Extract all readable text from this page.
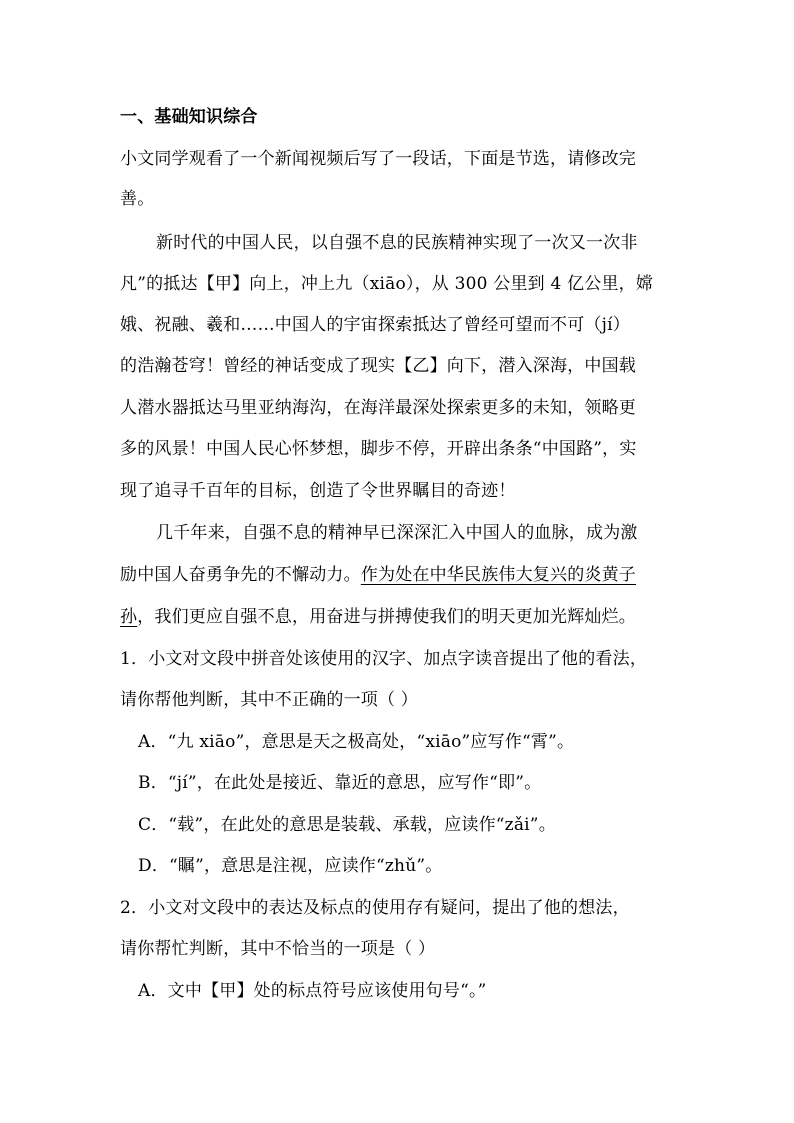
一、基础知识综合
小文同学观看了一个新闻视频后写了一段话，下面是节选，请修改完
善。
新时代的中国人民，以自强不息的民族精神实现了一次又一次非
凡”的抵达【甲】向上，冲上九（xiāo），从 300 公里到 4 亿公里，嫦
娥、祝融、羲和……中国人的宇宙探索抵达了曾经可望而不可（jí）
的浩瀚苍穹！曾经的神话变成了现实【乙】向下，潜入深海，中国载
人潜水器抵达马里亚纳海沟，在海洋最深处探索更多的未知，领略更
多的风景！中国人民心怀梦想，脚步不停，开辟出条条“中国路”，实
现了追寻千百年的目标，创造了令世界瞩目的奇迹！
几千年来，自强不息的精神早已深深汇入中国人的血脉，成为激
励中国人奋勇争先的不懈动力。作为处在中华民族伟大复兴的炎黄子
孙，我们更应自强不息，用奋进与拼搏使我们的明天更加光辉灿烂。
1．小文对文段中拼音处该使用的汉字、加点字读音提出了他的看法，
请你帮他判断，其中不正确的一项（ ）
A．“九 xiāo”，意思是天之极高处，“xiāo”应写作“霄”。
B．“jí”，在此处是接近、靠近的意思，应写作“即”。
C．“载”，在此处的意思是装载、承载，应读作“zǎi”。
D．“瞩”，意思是注视，应读作“zhǔ”。
2．小文对文段中的表达及标点的使用存有疑问，提出了他的想法，
请你帮忙判断，其中不恰当的一项是（ ）
A．文中【甲】处的标点符号应该使用句号“。”
